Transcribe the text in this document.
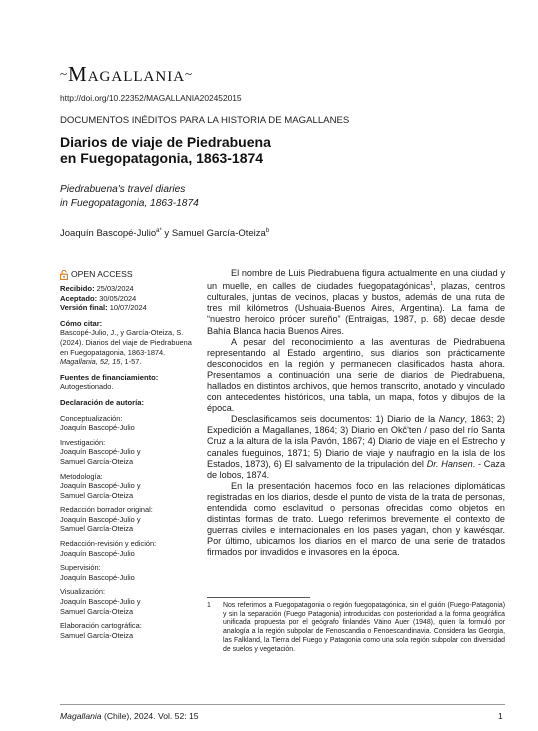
~Magallania~
http://doi.org/10.22352/MAGALLANIA202452015
DOCUMENTOS INÉDITOS PARA LA HISTORIA DE MAGALLANES
Diarios de viaje de Piedrabuena
en Fuegopatagonia, 1863-1874
Piedrabuena's travel diaries
in Fuegopatagonia, 1863-1874
Joaquín Bascopé-Julio$^{a*}$ y Samuel García-Oteiza$^b$
OPEN ACCESS
Recibido: 25/03/2024
Aceptado: 30/05/2024
Versión final: 10/07/2024
Cómo citar:
Bascopé-Julio, J., y García-Oteiza, S. (2024). Diarios del viaje de Piedrabuena en Fuegopatagonia, 1863-1874. Magallania, 52, 15, 1-57.
Fuentes de financiamiento:
Autogestionado.
Declaración de autoría:
Conceptualización:
Joaquín Bascopé-Julio
Investigación:
Joaquín Bascopé-Julio y
Samuel García-Oteiza
Metodología:
Joaquín Bascopé-Julio y
Samuel García-Oteiza
Redacción borrador original:
Joaquín Bascopé-Julio y
Samuel García-Oteiza
Redacción-revisión y edición:
Joaquín Bascopé-Julio
Supervisión:
Joaquín Bascopé-Julio
Visualización:
Joaquín Bascopé-Julio y
Samuel García-Oteiza
Elaboración cartográfica:
Samuel García-Oteiza

El nombre de Luis Piedrabuena figura actualmente en una ciudad y un muelle, en calles de ciudades fuegopatagónicas$^1$, plazas, centros culturales, juntas de vecinos, placas y bustos, además de una ruta de tres mil kilómetros (Ushuaia-Buenos Aires, Argentina). La fama de “nuestro heroico prócer sureño” (Entraigas, 1987, p. 68) decae desde Bahía Blanca hacia Buenos Aires.

A pesar del reconocimiento a las aventuras de Piedrabuena representando al Estado argentino, sus diarios son prácticamente desconocidos en la región y permanecen clasificados hasta ahora. Presentamos a continuación una serie de diarios de Piedrabuena, hallados en distintos archivos, que hemos transcrito, anotado y vinculado con antecedentes históricos, una tabla, un mapa, fotos y dibujos de la época.

Desclasificamos seis documentos: 1) Diario de la Nancy, 1863; 2) Expedición a Magallanes, 1864; 3) Diario en Okč'ten / paso del río Santa Cruz a la altura de la isla Pavón, 1867; 4) Diario de viaje en el Estrecho y canales fueguinos, 1871; 5) Diario de viaje y naufragio en la isla de los Estados, 1873), 6) El salvamento de la tripulación del Dr. Hansen. - Caza de lobos, 1874.

En la presentación hacemos foco en las relaciones diplomáticas registradas en los diarios, desde el punto de vista de la trata de personas, entendida como esclavitud o personas ofrecidas como objetos en distintas formas de trato. Luego referimos brevemente el contexto de guerras civiles e internacionales en los pases yagan, chon y kawésqar. Por último, ubicamos los diarios en el marco de una serie de tratados firmados por invadidos e invasores en la época.

1	Nos referimos a Fuegopatagonia o región fuegopatagónica, sin el guión (Fuego-Patagonia) y sin la separación (Fuego Patagonia) introducidas con posterioridad a la forma geográfica unificada propuesta por el geógrafo finlandés Väino Auer (1948), quien la formuló por analogía a la región subpolar de Fenoscandia o Fenoescandinavia. Considera las Georgia, las Falkland, la Tierra del Fuego y Patagonia como una sola región subpolar con diversidad de suelos y vegetación.
Magallania (Chile), 2024. Vol. 52: 15	1
